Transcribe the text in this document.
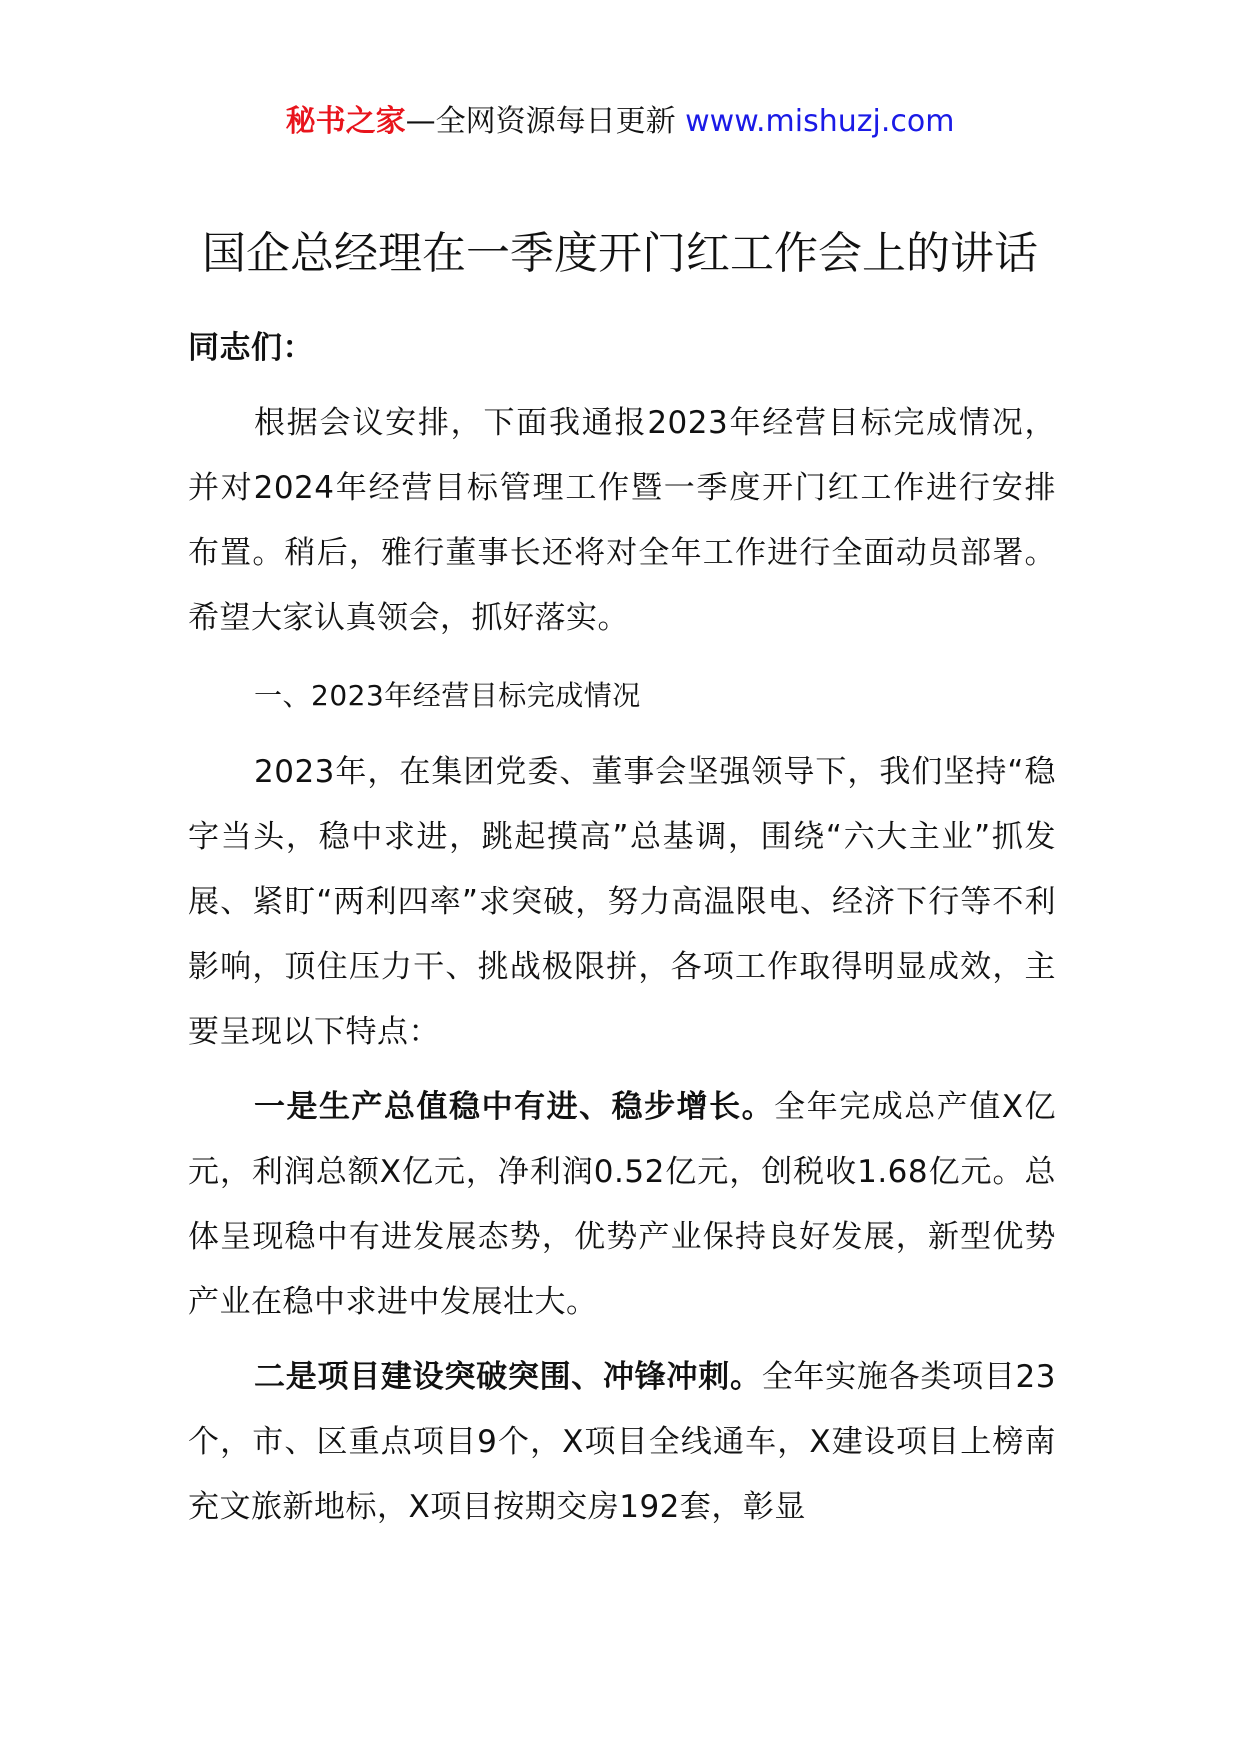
秘书之家—全网资源每日更新 www.mishuzj.com
国企总经理在一季度开门红工作会上的讲话

同志们：

根据会议安排，下面我通报2023年经营目标完成情况，并对2024年经营目标管理工作暨一季度开门红工作进行安排布置。稍后，雅行董事长还将对全年工作进行全面动员部署。希望大家认真领会，抓好落实。

一、2023年经营目标完成情况

2023年，在集团党委、董事会坚强领导下，我们坚持“稳字当头，稳中求进，跳起摸高”总基调，围绕“六大主业”抓发展、紧盯“两利四率”求突破，努力高温限电、经济下行等不利影响，顶住压力干、挑战极限拼，各项工作取得明显成效，主要呈现以下特点：

一是生产总值稳中有进、稳步增长。全年完成总产值X亿元，利润总额X亿元，净利润0.52亿元，创税收1.68亿元。总体呈现稳中有进发展态势，优势产业保持良好发展，新型优势产业在稳中求进中发展壮大。

二是项目建设突破突围、冲锋冲刺。全年实施各类项目23个，市、区重点项目9个，X项目全线通车，X建设项目上榜南充文旅新地标，X项目按期交房192套，彰显
